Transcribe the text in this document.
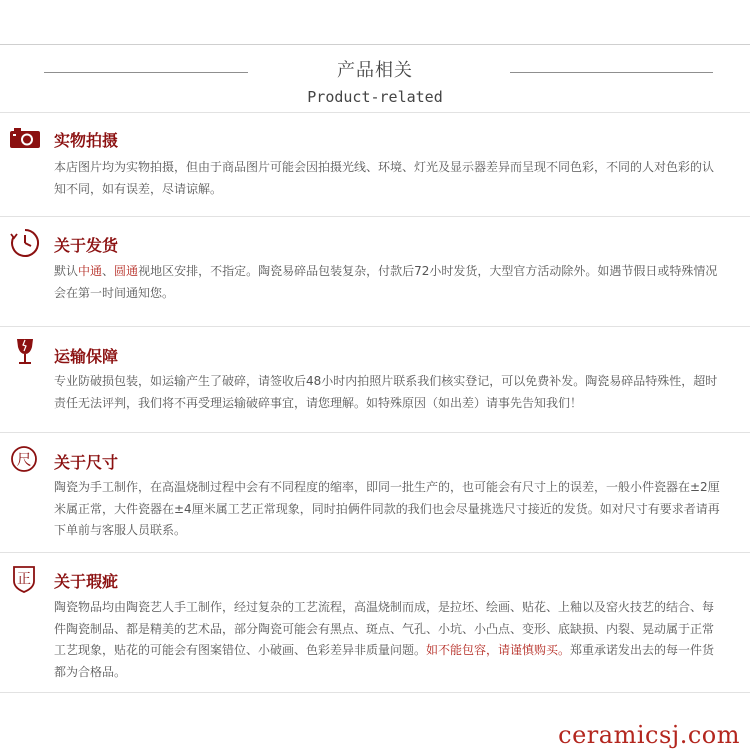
产品相关
Product-related
实物拍摄
本店图片均为实物拍摄，但由于商品图片可能会因拍摄光线、环境、灯光及显示器差异而呈现不同色彩，不同的人对色彩的认知不同，如有误差，尽请谅解。
关于发货
默认中通、圆通视地区安排，不指定。陶瓷易碎品包装复杂，付款后72小时发货，大型官方活动除外。如遇节假日或特殊情况会在第一时间通知您。
运输保障
专业防破损包装，如运输产生了破碎，请签收后48小时内拍照片联系我们核实登记，可以免费补发。陶瓷易碎品特殊性，超时责任无法评判，我们将不再受理运输破碎事宜，请您理解。如特殊原因（如出差）请事先告知我们！
尺 关于尺寸
陶瓷为手工制作，在高温烧制过程中会有不同程度的缩率，即同一批生产的，也可能会有尺寸上的误差，一般小件瓷器在±2厘米属正常，大件瓷器在±4厘米属工艺正常现象，同时拍俩件同款的我们也会尽量挑选尺寸接近的发货。如对尺寸有要求者请再下单前与客服人员联系。
正 关于瑕疵
陶瓷物品均由陶瓷艺人手工制作，经过复杂的工艺流程，高温烧制而成，是拉坯、绘画、贴花、上釉以及窑火技艺的结合、每件陶瓷制品、都是精美的艺术品，部分陶瓷可能会有黑点、斑点、气孔、小坑、小凸点、变形、底缺损、内裂、晃动属于正常工艺现象，贴花的可能会有图案错位、小破画、色彩差异非质量问题。如不能包容，请谨慎购买。郑重承诺发出去的每一件货都为合格品。
ceramicsj.com
